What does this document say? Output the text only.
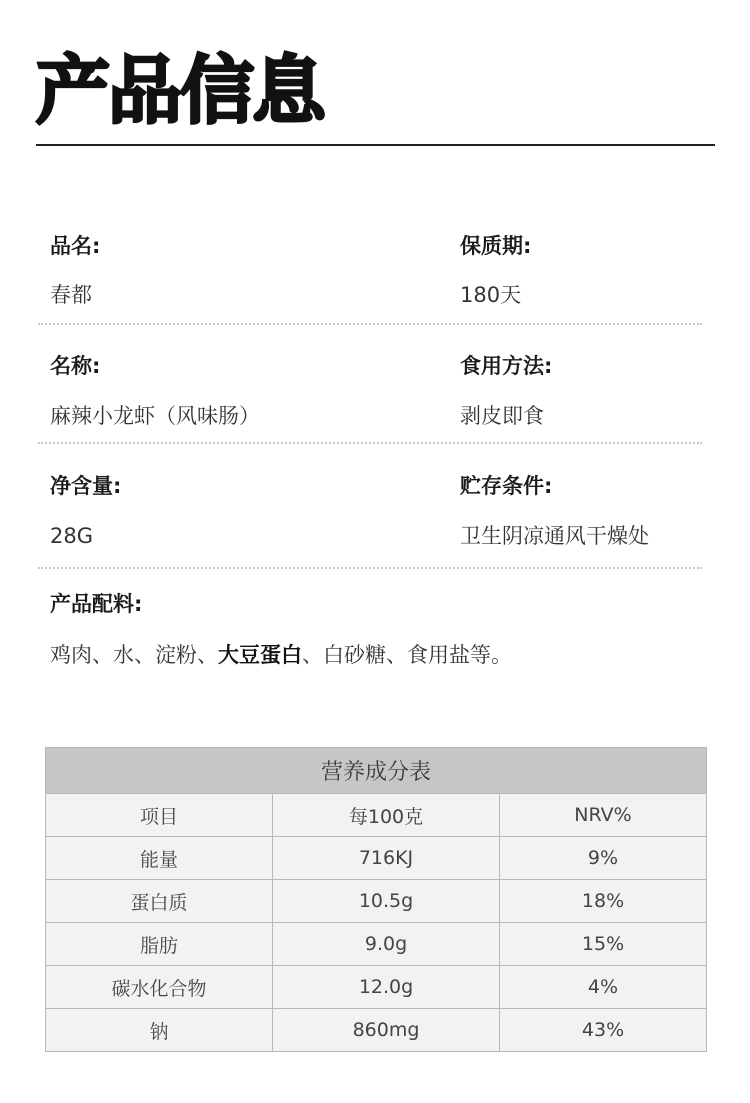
产品信息
品名:
春都
保质期:
180天
名称:
麻辣小龙虾（风味肠）
食用方法:
剥皮即食
净含量:
28G
贮存条件:
卫生阴凉通风干燥处
产品配料:
鸡肉、水、淀粉、大豆蛋白、白砂糖、食用盐等。
营养成分表		
项目	每100克	NRV%
能量	716KJ	9%
蛋白质	10.5g	18%
脂肪	9.0g	15%
碳水化合物	12.0g	4%
钠	860mg	43%
